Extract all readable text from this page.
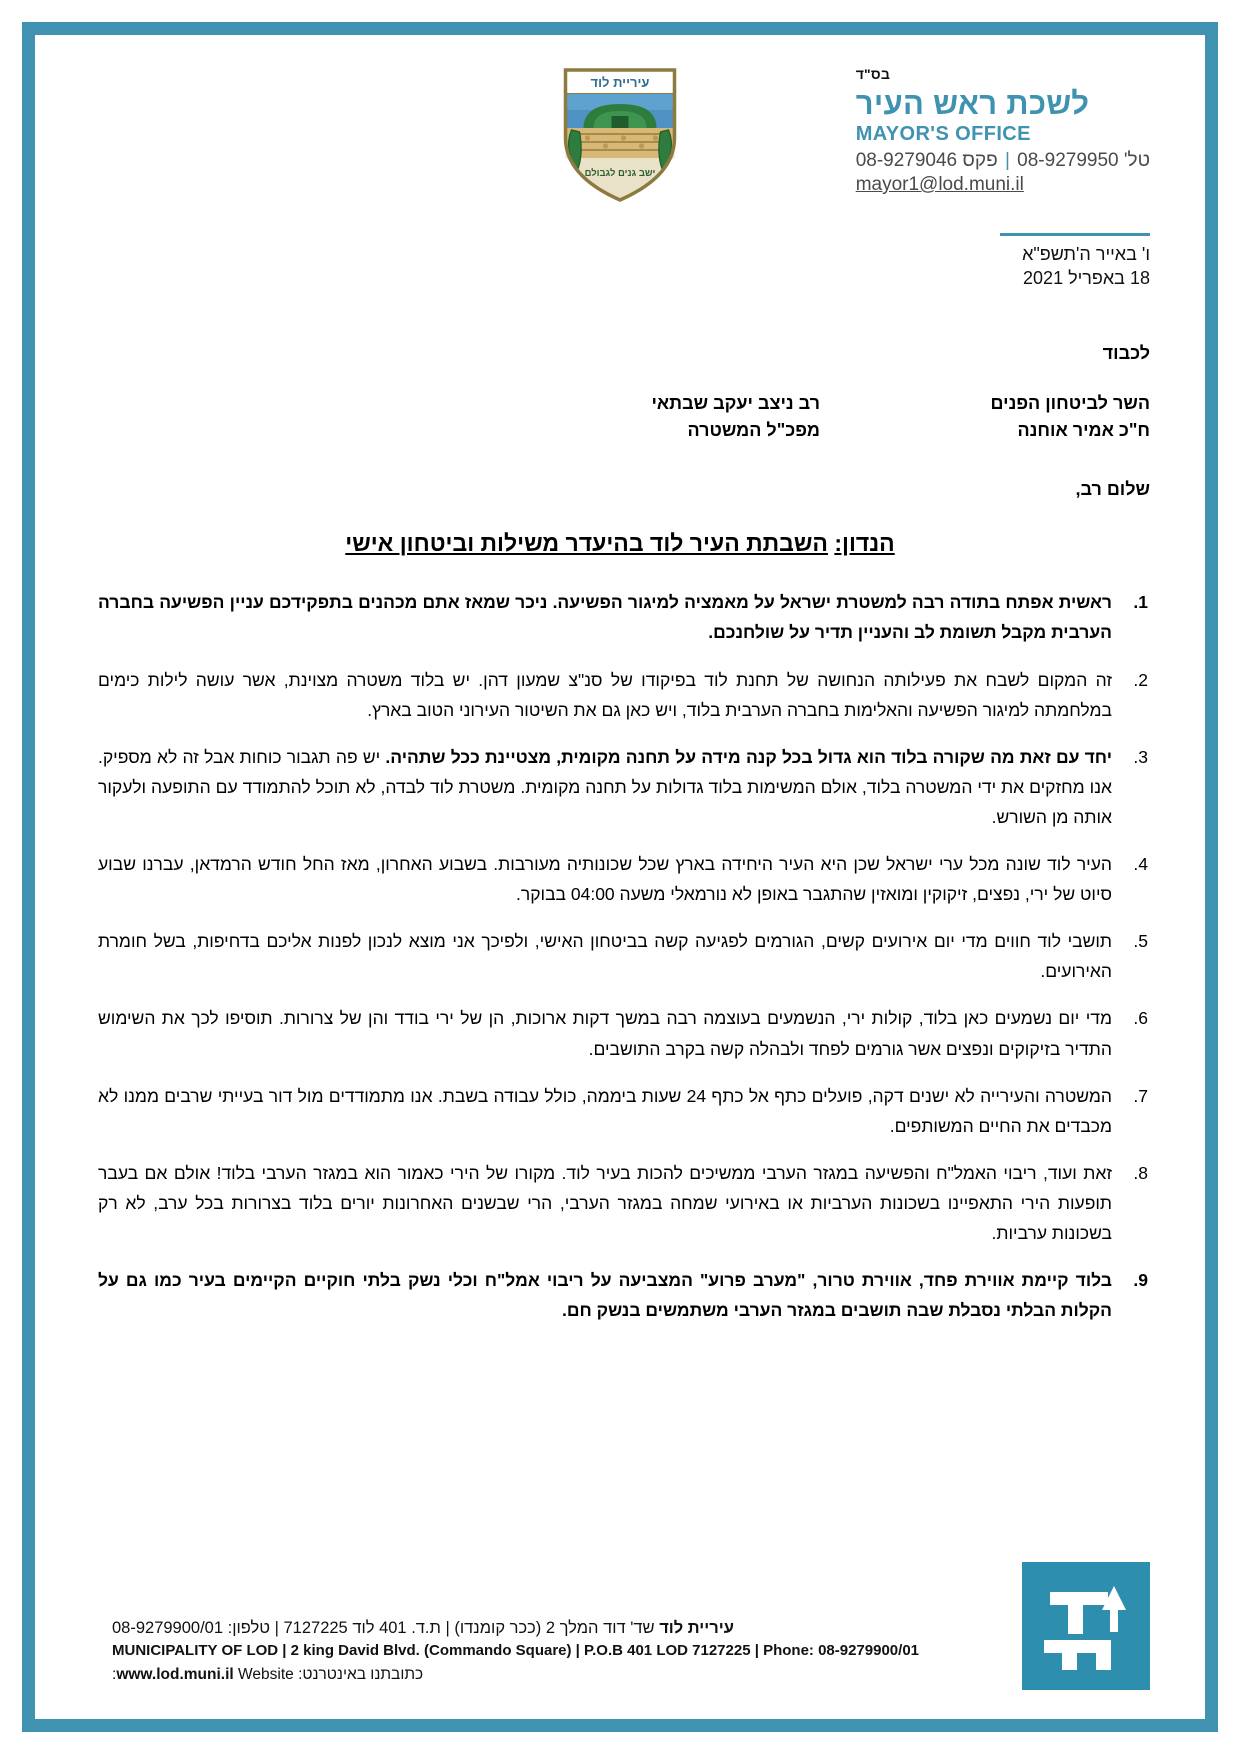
עיריית לוד
ישב גנים לגבולם
בס"ד
לשכת ראש העיר
MAYOR'S OFFICE
טל' 08-9279950 | פקס 08-9279046
mayor1@lod.muni.il
ו' באייר ה'תשפ"א
18 באפריל 2021
לכבוד
השר לביטחון הפנים
ח"כ אמיר אוחנה
רב ניצב יעקב שבתאי
מפכ"ל המשטרה
שלום רב,
הנדון: השבתת העיר לוד בהיעדר משילות וביטחון אישי
ראשית אפתח בתודה רבה למשטרת ישראל על מאמציה למיגור הפשיעה. ניכר שמאז אתם מכהנים בתפקידכם עניין הפשיעה בחברה הערבית מקבל תשומת לב והעניין תדיר על שולחנכם.
זה המקום לשבח את פעילותה הנחושה של תחנת לוד בפיקודו של סנ"צ שמעון דהן. יש בלוד משטרה מצוינת, אשר עושה לילות כימים במלחמתה למיגור הפשיעה והאלימות בחברה הערבית בלוד, ויש כאן גם את השיטור העירוני הטוב בארץ.
יחד עם זאת מה שקורה בלוד הוא גדול בכל קנה מידה על תחנה מקומית, מצטיינת ככל שתהיה. יש פה תגבור כוחות אבל זה לא מספיק. אנו מחזקים את ידי המשטרה בלוד, אולם המשימות בלוד גדולות על תחנה מקומית. משטרת לוד לבדה, לא תוכל להתמודד עם התופעה ולעקור אותה מן השורש.
העיר לוד שונה מכל ערי ישראל שכן היא העיר היחידה בארץ שכל שכונותיה מעורבות. בשבוע האחרון, מאז החל חודש הרמדאן, עברנו שבוע סיוט של ירי, נפצים, זיקוקין ומואזין שהתגבר באופן לא נורמאלי משעה 04:00 בבוקר.
תושבי לוד חווים מדי יום אירועים קשים, הגורמים לפגיעה קשה בביטחון האישי, ולפיכך אני מוצא לנכון לפנות אליכם בדחיפות, בשל חומרת האירועים.
מדי יום נשמעים כאן בלוד, קולות ירי, הנשמעים בעוצמה רבה במשך דקות ארוכות, הן של ירי בודד והן של צרורות. תוסיפו לכך את השימוש התדיר בזיקוקים ונפצים אשר גורמים לפחד ולבהלה קשה בקרב התושבים.
המשטרה והעירייה לא ישנים דקה, פועלים כתף אל כתף 24 שעות ביממה, כולל עבודה בשבת. אנו מתמודדים מול דור בעייתי שרבים ממנו לא מכבדים את החיים המשותפים.
זאת ועוד, ריבוי האמל"ח והפשיעה במגזר הערבי ממשיכים להכות בעיר לוד. מקורו של הירי כאמור הוא במגזר הערבי בלוד! אולם אם בעבר תופעות הירי התאפיינו בשכונות הערביות או באירועי שמחה במגזר הערבי, הרי שבשנים האחרונות יורים בלוד בצרורות בכל ערב, לא רק בשכונות ערביות.
בלוד קיימת אווירת פחד, אווירת טרור, "מערב פרוע" המצביעה על ריבוי אמל"ח וכלי נשק בלתי חוקיים הקיימים בעיר כמו גם על הקלות הבלתי נסבלת שבה תושבים במגזר הערבי משתמשים בנשק חם.
עיריית לוד שד' דוד המלך 2 (ככר קומנדו) | ת.ד. 401 לוד 7127225 | טלפון: 08-9279900/01
MUNICIPALITY OF LOD | 2 king David Blvd. (Commando Square) | P.O.B 401 LOD 7127225 | Phone: 08-9279900/01
כתובתנו באינטרנט: www.lod.muni.il Website:
